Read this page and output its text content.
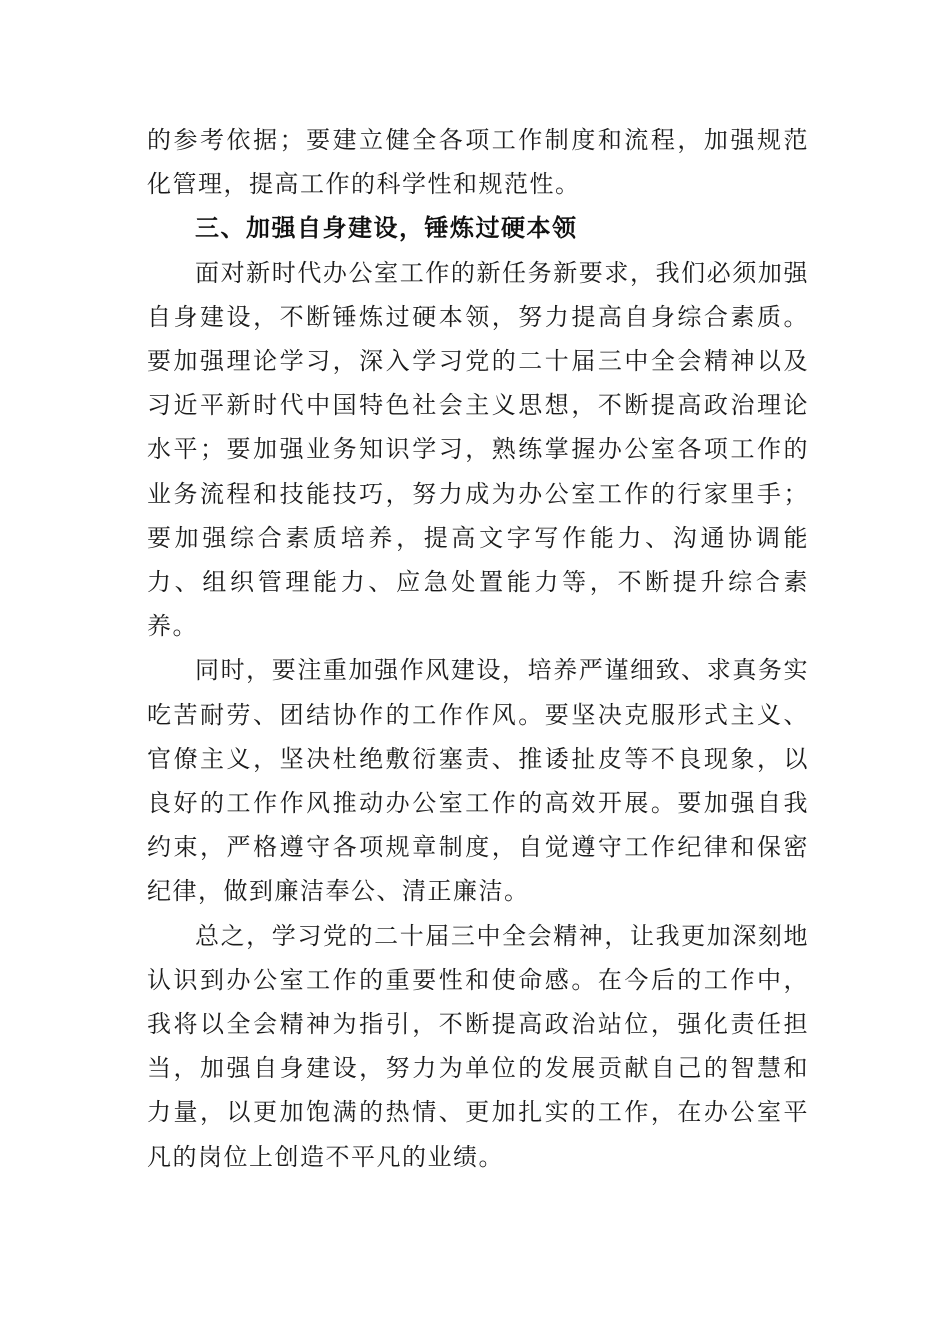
的参考依据；要建立健全各项工作制度和流程，加强规范化管理，提高工作的科学性和规范性。

三、加强自身建设，锤炼过硬本领

面对新时代办公室工作的新任务新要求，我们必须加强自身建设，不断锤炼过硬本领，努力提高自身综合素质。要加强理论学习，深入学习党的二十届三中全会精神以及习近平新时代中国特色社会主义思想，不断提高政治理论水平；要加强业务知识学习，熟练掌握办公室各项工作的业务流程和技能技巧，努力成为办公室工作的行家里手；要加强综合素质培养，提高文字写作能力、沟通协调能力、组织管理能力、应急处置能力等，不断提升综合素养。

同时，要注重加强作风建设，培养严谨细致、求真务实吃苦耐劳、团结协作的工作作风。要坚决克服形式主义、官僚主义，坚决杜绝敷衍塞责、推诿扯皮等不良现象，以良好的工作作风推动办公室工作的高效开展。要加强自我约束，严格遵守各项规章制度，自觉遵守工作纪律和保密纪律，做到廉洁奉公、清正廉洁。

总之，学习党的二十届三中全会精神，让我更加深刻地认识到办公室工作的重要性和使命感。在今后的工作中，我将以全会精神为指引，不断提高政治站位，强化责任担当，加强自身建设，努力为单位的发展贡献自己的智慧和力量，以更加饱满的热情、更加扎实的工作，在办公室平凡的岗位上创造不平凡的业绩。
